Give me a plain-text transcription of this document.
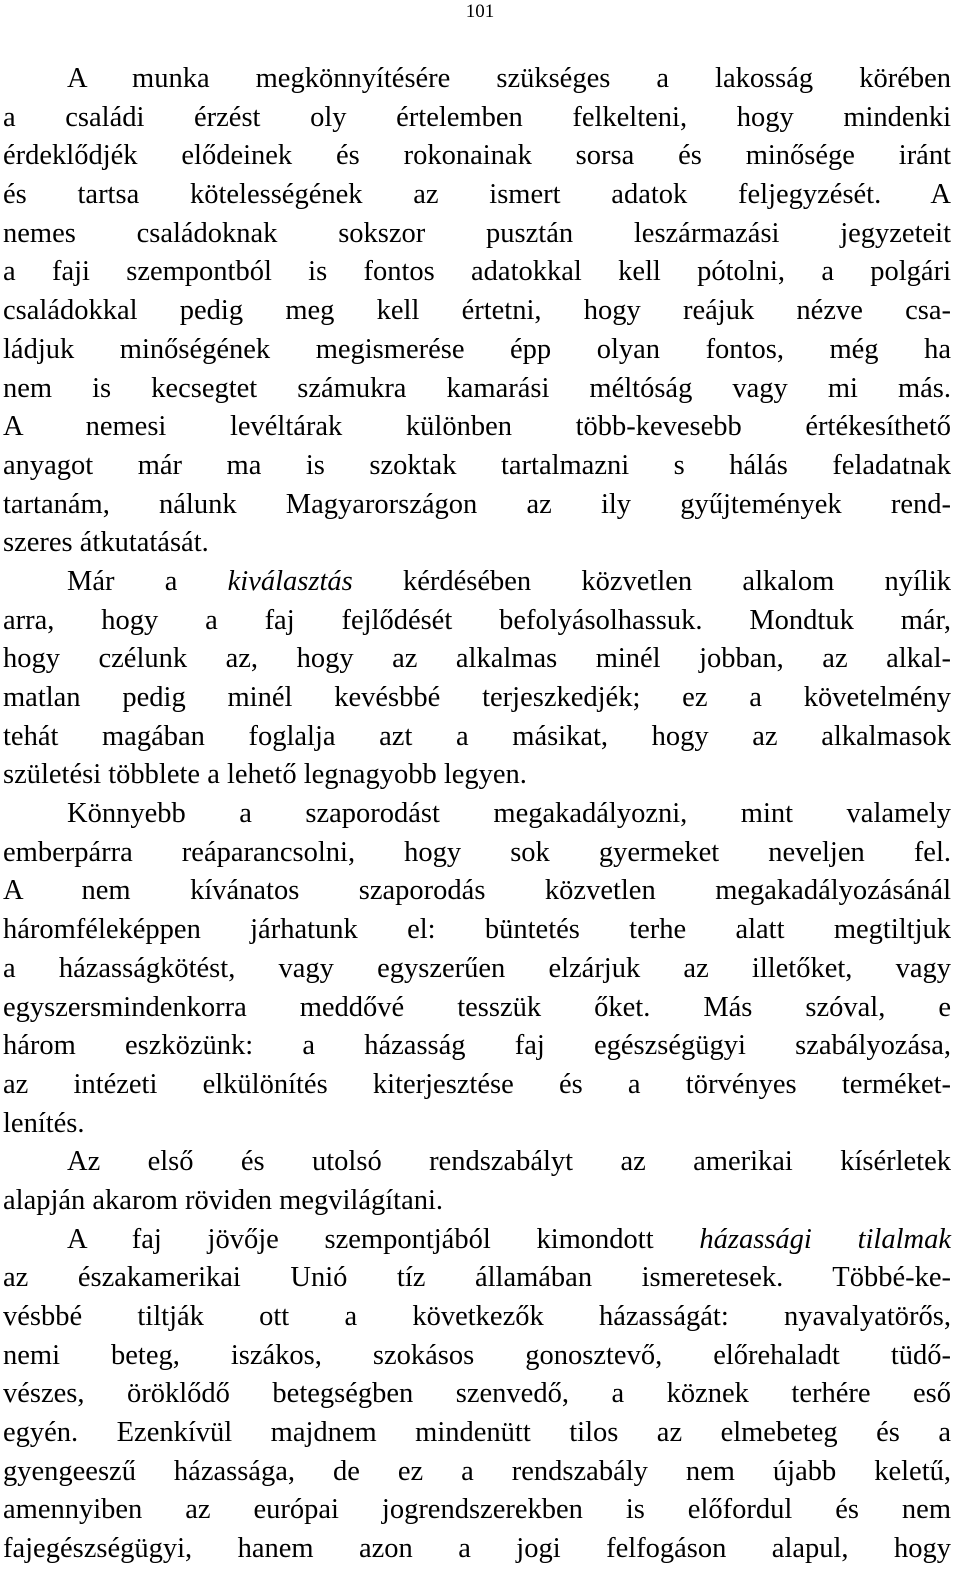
101
A munka megkönnyítésére szükséges a lakosság körében
a családi érzést oly értelemben felkelteni, hogy mindenki
érdeklődjék elődeinek és rokonainak sorsa és minősége iránt
és tartsa kötelességének az ismert adatok feljegyzését. A
nemes családoknak sokszor pusztán leszármazási jegyzeteit
a faji szempontból is fontos adatokkal kell pótolni, a polgári
családokkal pedig meg kell értetni, hogy reájuk nézve csa-
ládjuk minőségének megismerése épp olyan fontos, még ha
nem is kecsegtet számukra kamarási méltóság vagy mi más.
A nemesi levéltárak különben több-kevesebb értékesíthető
anyagot már ma is szoktak tartalmazni s hálás feladatnak
tartanám, nálunk Magyarországon az ily gyűjtemények rend-
szeres átkutatását.
Már a kiválasztás kérdésében közvetlen alkalom nyílik
arra, hogy a faj fejlődését befolyásolhassuk. Mondtuk már,
hogy czélunk az, hogy az alkalmas minél jobban, az alkal-
matlan pedig minél kevésbbé terjeszkedjék; ez a követelmény
tehát magában foglalja azt a másikat, hogy az alkalmasok
születési többlete a lehető legnagyobb legyen.
Könnyebb a szaporodást megakadályozni, mint valamely
emberpárra reáparancsolni, hogy sok gyermeket neveljen fel.
A nem kívánatos szaporodás közvetlen megakadályozásánál
háromféleképpen járhatunk el: büntetés terhe alatt megtiltjuk
a házasságkötést, vagy egyszerűen elzárjuk az illetőket, vagy
egyszersmindenkorra meddővé tesszük őket. Más szóval, e
három eszközünk: a házasság faj egészségügyi szabályozása,
az intézeti elkülönítés kiterjesztése és a törvényes terméket-
lenítés.
Az első és utolsó rendszabályt az amerikai kísérletek
alapján akarom röviden megvilágítani.
A faj jövője szempontjából kimondott házassági tilalmak
az északamerikai Unió tíz államában ismeretesek. Többé-ke-
vésbbé tiltják ott a következők házasságát: nyavalyatörős,
nemi beteg, iszákos, szokásos gonosztevő, előrehaladt tüdő-
vészes, öröklődő betegségben szenvedő, a köznek terhére eső
egyén. Ezenkívül majdnem mindenütt tilos az elmebeteg és a
gyengeeszű házassága, de ez a rendszabály nem újabb keletű,
amennyiben az európai jogrendszerekben is előfordul és nem
fajegészségügyi, hanem azon a jogi felfogáson alapul, hogy
